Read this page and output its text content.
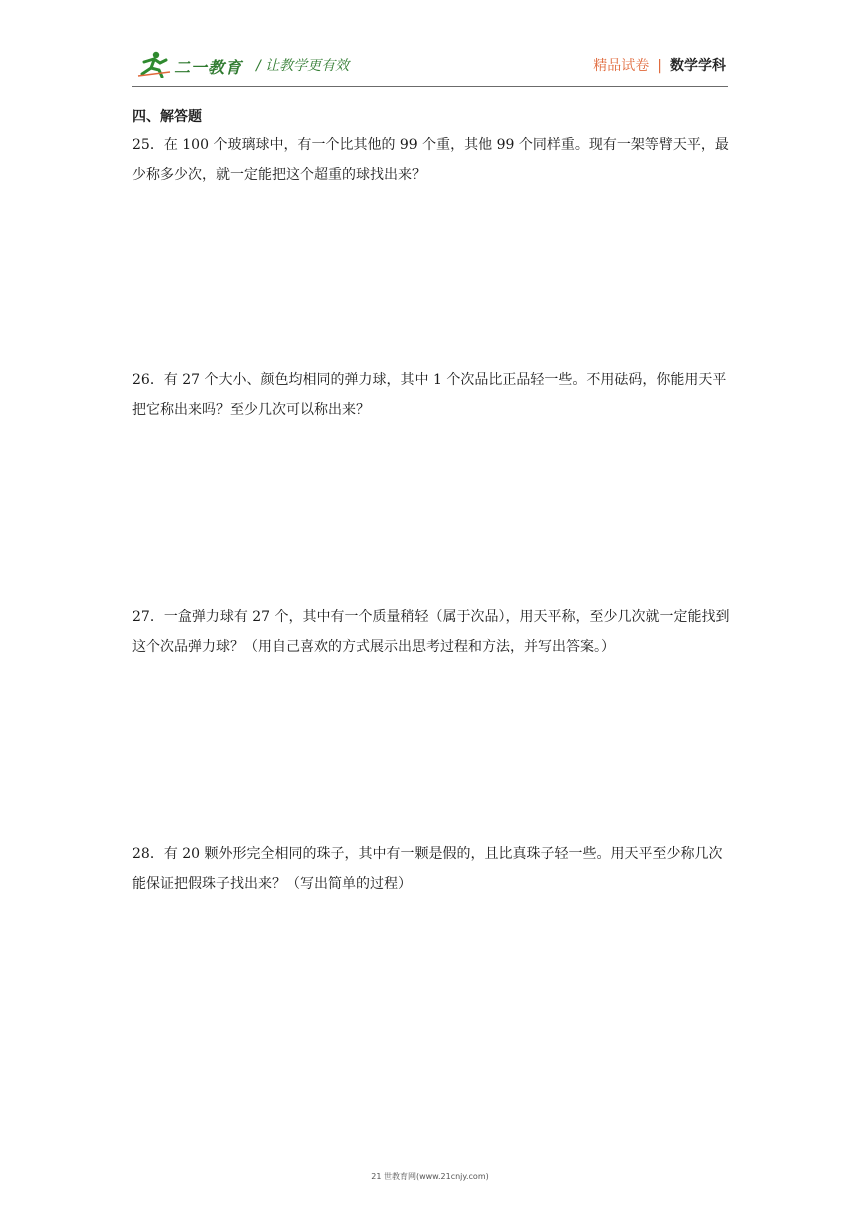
二一教育 / 让教学更有效	精品试卷 | 数学学科
四、解答题
25．在 100 个玻璃球中，有一个比其他的 99 个重，其他 99 个同样重。现有一架等臂天平，最少称多少次，就一定能把这个超重的球找出来？
26．有 27 个大小、颜色均相同的弹力球，其中 1 个次品比正品轻一些。不用砝码，你能用天平把它称出来吗？至少几次可以称出来？
27．一盒弹力球有 27 个，其中有一个质量稍轻（属于次品），用天平称，至少几次就一定能找到这个次品弹力球？（用自己喜欢的方式展示出思考过程和方法，并写出答案。）
28．有 20 颗外形完全相同的珠子，其中有一颗是假的，且比真珠子轻一些。用天平至少称几次能保证把假珠子找出来？（写出简单的过程）
21 世教育网(www.21cnjy.com)
